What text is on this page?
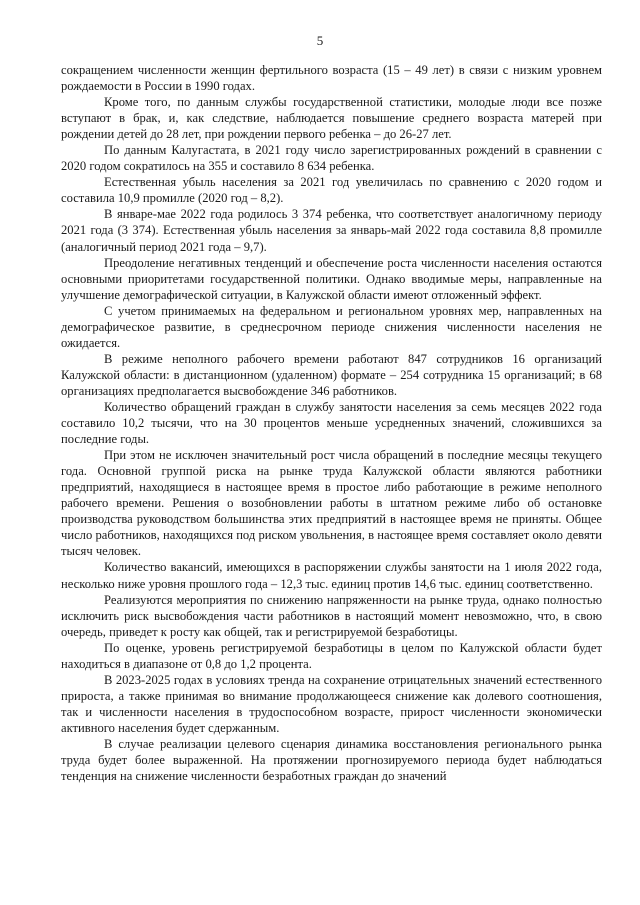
5

сокращением численности женщин фертильного возраста (15 – 49 лет) в связи с низким уровнем рождаемости в России в 1990 годах.

Кроме того, по данным службы государственной статистики, молодые люди все позже вступают в брак, и, как следствие, наблюдается повышение среднего возраста матерей при рождении детей до 28 лет, при рождении первого ребенка – до 26-27 лет.

По данным Калугастата, в 2021 году число зарегистрированных рождений в сравнении с 2020 годом сократилось на 355 и составило 8 634 ребенка.

Естественная убыль населения за 2021 год увеличилась по сравнению с 2020 годом и составила 10,9 промилле (2020 год – 8,2).

В январе-мае 2022 года родилось 3 374 ребенка, что соответствует аналогичному периоду 2021 года (3 374). Естественная убыль населения за январь-май 2022 года составила 8,8 промилле (аналогичный период 2021 года – 9,7).

Преодоление негативных тенденций и обеспечение роста численности населения остаются основными приоритетами государственной политики. Однако вводимые меры, направленные на улучшение демографической ситуации, в Калужской области имеют отложенный эффект.

С учетом принимаемых на федеральном и региональном уровнях мер, направленных на демографическое развитие, в среднесрочном периоде снижения численности населения не ожидается.

В режиме неполного рабочего времени работают 847 сотрудников 16 организаций Калужской области: в дистанционном (удаленном) формате – 254 сотрудника 15 организаций; в 68 организациях предполагается высвобождение 346 работников.

Количество обращений граждан в службу занятости населения за семь месяцев 2022 года составило 10,2 тысячи, что на 30 процентов меньше усредненных значений, сложившихся за последние годы.

При этом не исключен значительный рост числа обращений в последние месяцы текущего года. Основной группой риска на рынке труда Калужской области являются работники предприятий, находящиеся в настоящее время в простое либо работающие в режиме неполного рабочего времени. Решения о возобновлении работы в штатном режиме либо об остановке производства руководством большинства этих предприятий в настоящее время не приняты. Общее число работников, находящихся под риском увольнения, в настоящее время составляет около девяти тысяч человек.

Количество вакансий, имеющихся в распоряжении службы занятости на 1 июля 2022 года, несколько ниже уровня прошлого года – 12,3 тыс. единиц против 14,6 тыс. единиц соответственно.

Реализуются мероприятия по снижению напряженности на рынке труда, однако полностью исключить риск высвобождения части работников в настоящий момент невозможно, что, в свою очередь, приведет к росту как общей, так и регистрируемой безработицы.

По оценке, уровень регистрируемой безработицы в целом по Калужской области будет находиться в диапазоне от 0,8 до 1,2 процента.

В 2023-2025 годах в условиях тренда на сохранение отрицательных значений естественного прироста, а также принимая во внимание продолжающееся снижение как долевого соотношения, так и численности населения в трудоспособном возрасте, прирост численности экономически активного населения будет сдержанным.

В случае реализации целевого сценария динамика восстановления регионального рынка труда будет более выраженной. На протяжении прогнозируемого периода будет наблюдаться тенденция на снижение численности безработных граждан до значений
